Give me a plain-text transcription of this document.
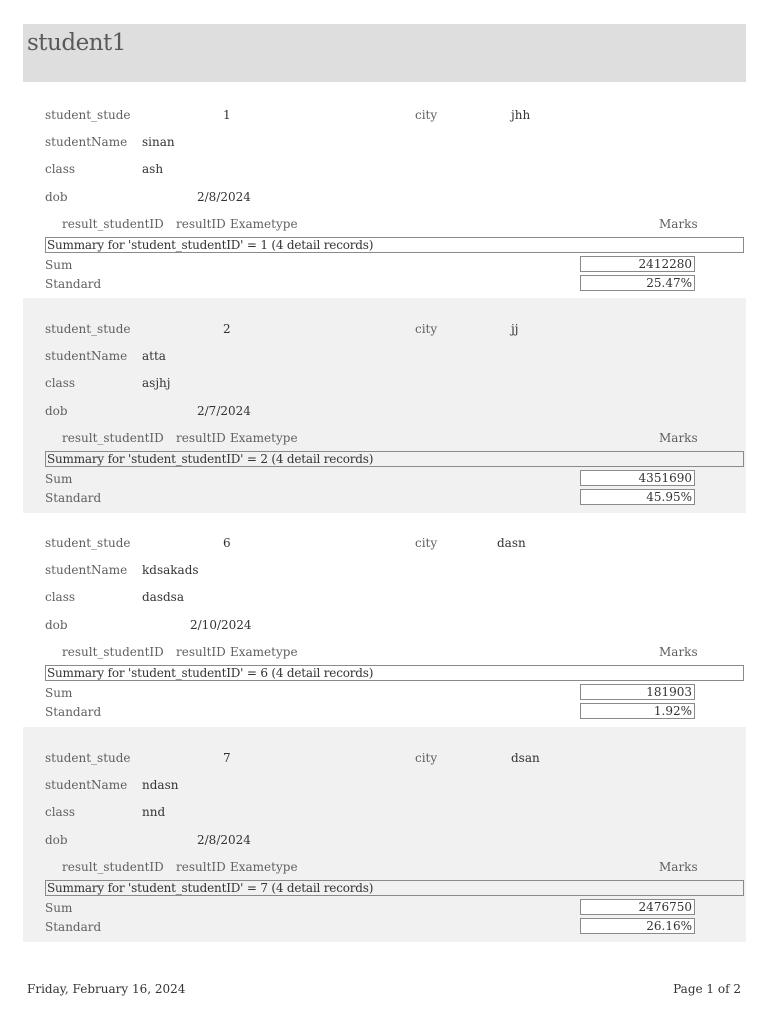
student1
student_stude	1	city	jhh
studentName sinan
class	ash
dob	2/8/2024
result_studentID resultID Exametype	Marks
Summary for 'student_studentID' = 1 (4 detail records)
Sum	2412280
Standard	25.47%
student_stude	2	city	jj
studentName atta
class	asjhj
dob	2/7/2024
result_studentID resultID Exametype	Marks
Summary for 'student_studentID' = 2 (4 detail records)
Sum	4351690
Standard	45.95%
student_stude	6	city	dasn
studentName kdsakads
class	dasdsa
dob	2/10/2024
result_studentID resultID Exametype	Marks
Summary for 'student_studentID' = 6 (4 detail records)
Sum	181903
Standard	1.92%
student_stude	7	city	dsan
studentName ndasn
class	nnd
dob	2/8/2024
result_studentID resultID Exametype	Marks
Summary for 'student_studentID' = 7 (4 detail records)
Sum	2476750
Standard	26.16%
Friday, February 16, 2024	Page 1 of 2
